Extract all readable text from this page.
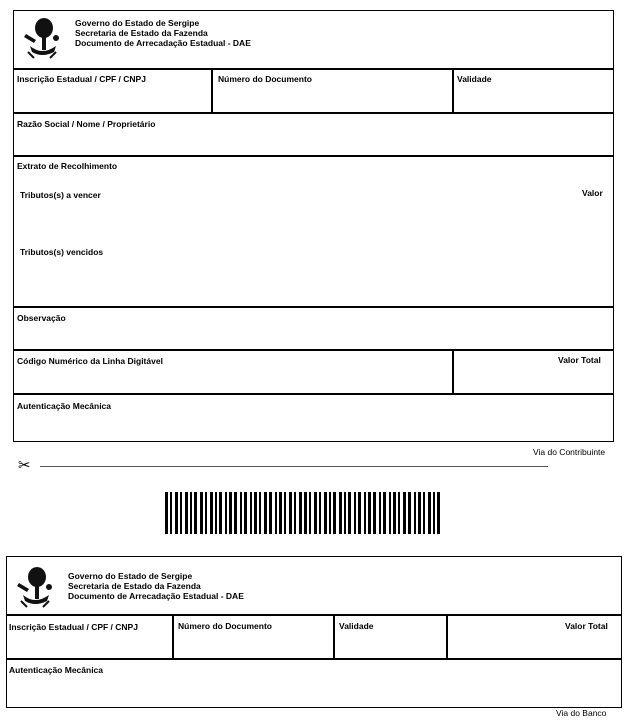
Governo do Estado de Sergipe
Secretaria de Estado da Fazenda
Documento de Arrecadação Estadual - DAE
Inscrição Estadual / CPF / CNPJ	Número do Documento	Validade
Razão Social / Nome / Proprietário
Extrato de Recolhimento
Tributos(s) a vencer	Valor
Tributos(s) vencidos
Observação
Código Numérico da Linha Digitável	Valor Total
Autenticação Mecânica
Via do Contribuinte
✂
Governo do Estado de Sergipe
Secretaria de Estado da Fazenda
Documento de Arrecadação Estadual - DAE
Inscrição Estadual / CPF / CNPJ	Número do Documento	Validade	Valor Total
Autenticação Mecânica
Via do Banco
